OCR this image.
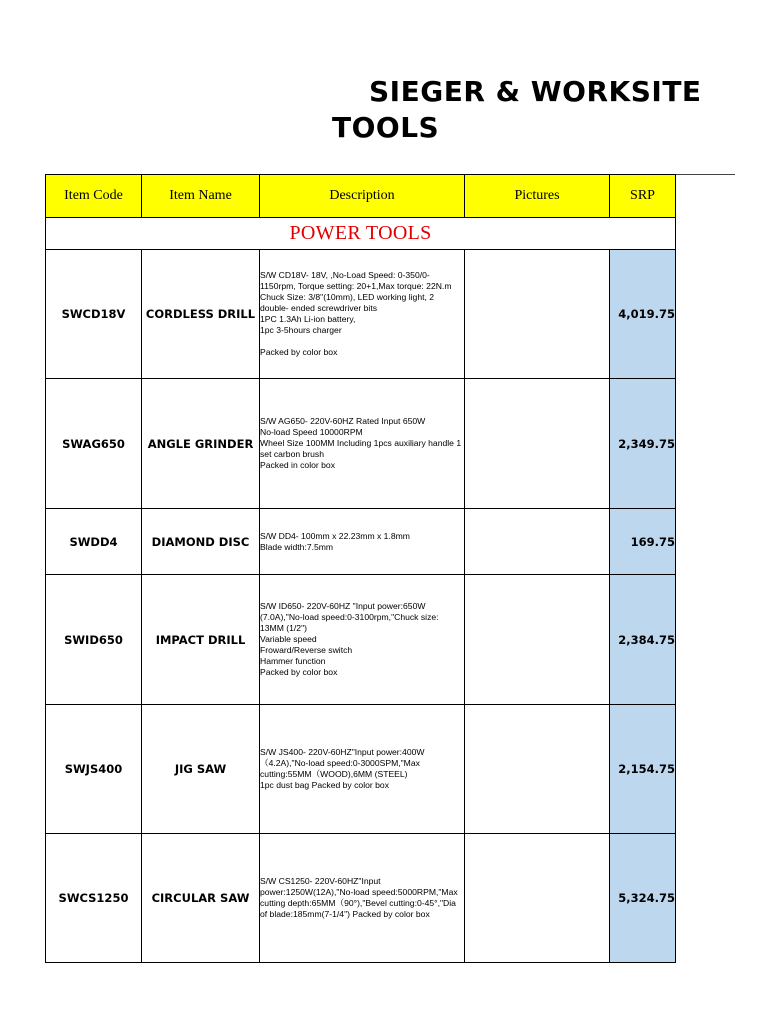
SIEGER & WORKSITE
TOOLS
Item Code	Item Name	Description	Pictures	SRP
POWER TOOLS				
SWCD18V	CORDLESS DRILL	S/W CD18V- 18V, ,No-Load Speed: 0-350/0-1150rpm, Torque setting: 20+1,Max torque: 22N.m Chuck Size: 3/8"(10mm), LED working light, 2 double- ended screwdriver bits
1PC 1.3Ah Li-ion battery,
1pc 3-5hours charger

Packed by color box		4,019.75
SWAG650	ANGLE GRINDER	S/W AG650- 220V-60HZ Rated Input 650W
No-load Speed 10000RPM
Wheel Size 100MM Including 1pcs auxiliary handle 1 set carbon brush
Packed in color box		2,349.75
SWDD4	DIAMOND DISC	S/W DD4- 100mm x 22.23mm x 1.8mm
Blade width:7.5mm		169.75
SWID650	IMPACT DRILL	S/W ID650- 220V-60HZ "Input power:650W (7.0A),"No-load speed:0-3100rpm,"Chuck size: 13MM (1/2")
Variable speed
Froward/Reverse switch
Hammer function
Packed by color box		2,384.75
SWJS400	JIG SAW	S/W JS400- 220V-60HZ"Input power:400W（4.2A),"No-load speed:0-3000SPM,"Max cutting:55MM（WOOD),6MM (STEEL)
1pc dust bag Packed by color box		2,154.75
SWCS1250	CIRCULAR SAW	S/W CS1250- 220V-60HZ"Input power:1250W(12A),"No-load speed:5000RPM,"Max cutting depth:65MM（90°),"Bevel cutting:0-45°,"Dia of blade:185mm(7-1/4") Packed by color box		5,324.75
